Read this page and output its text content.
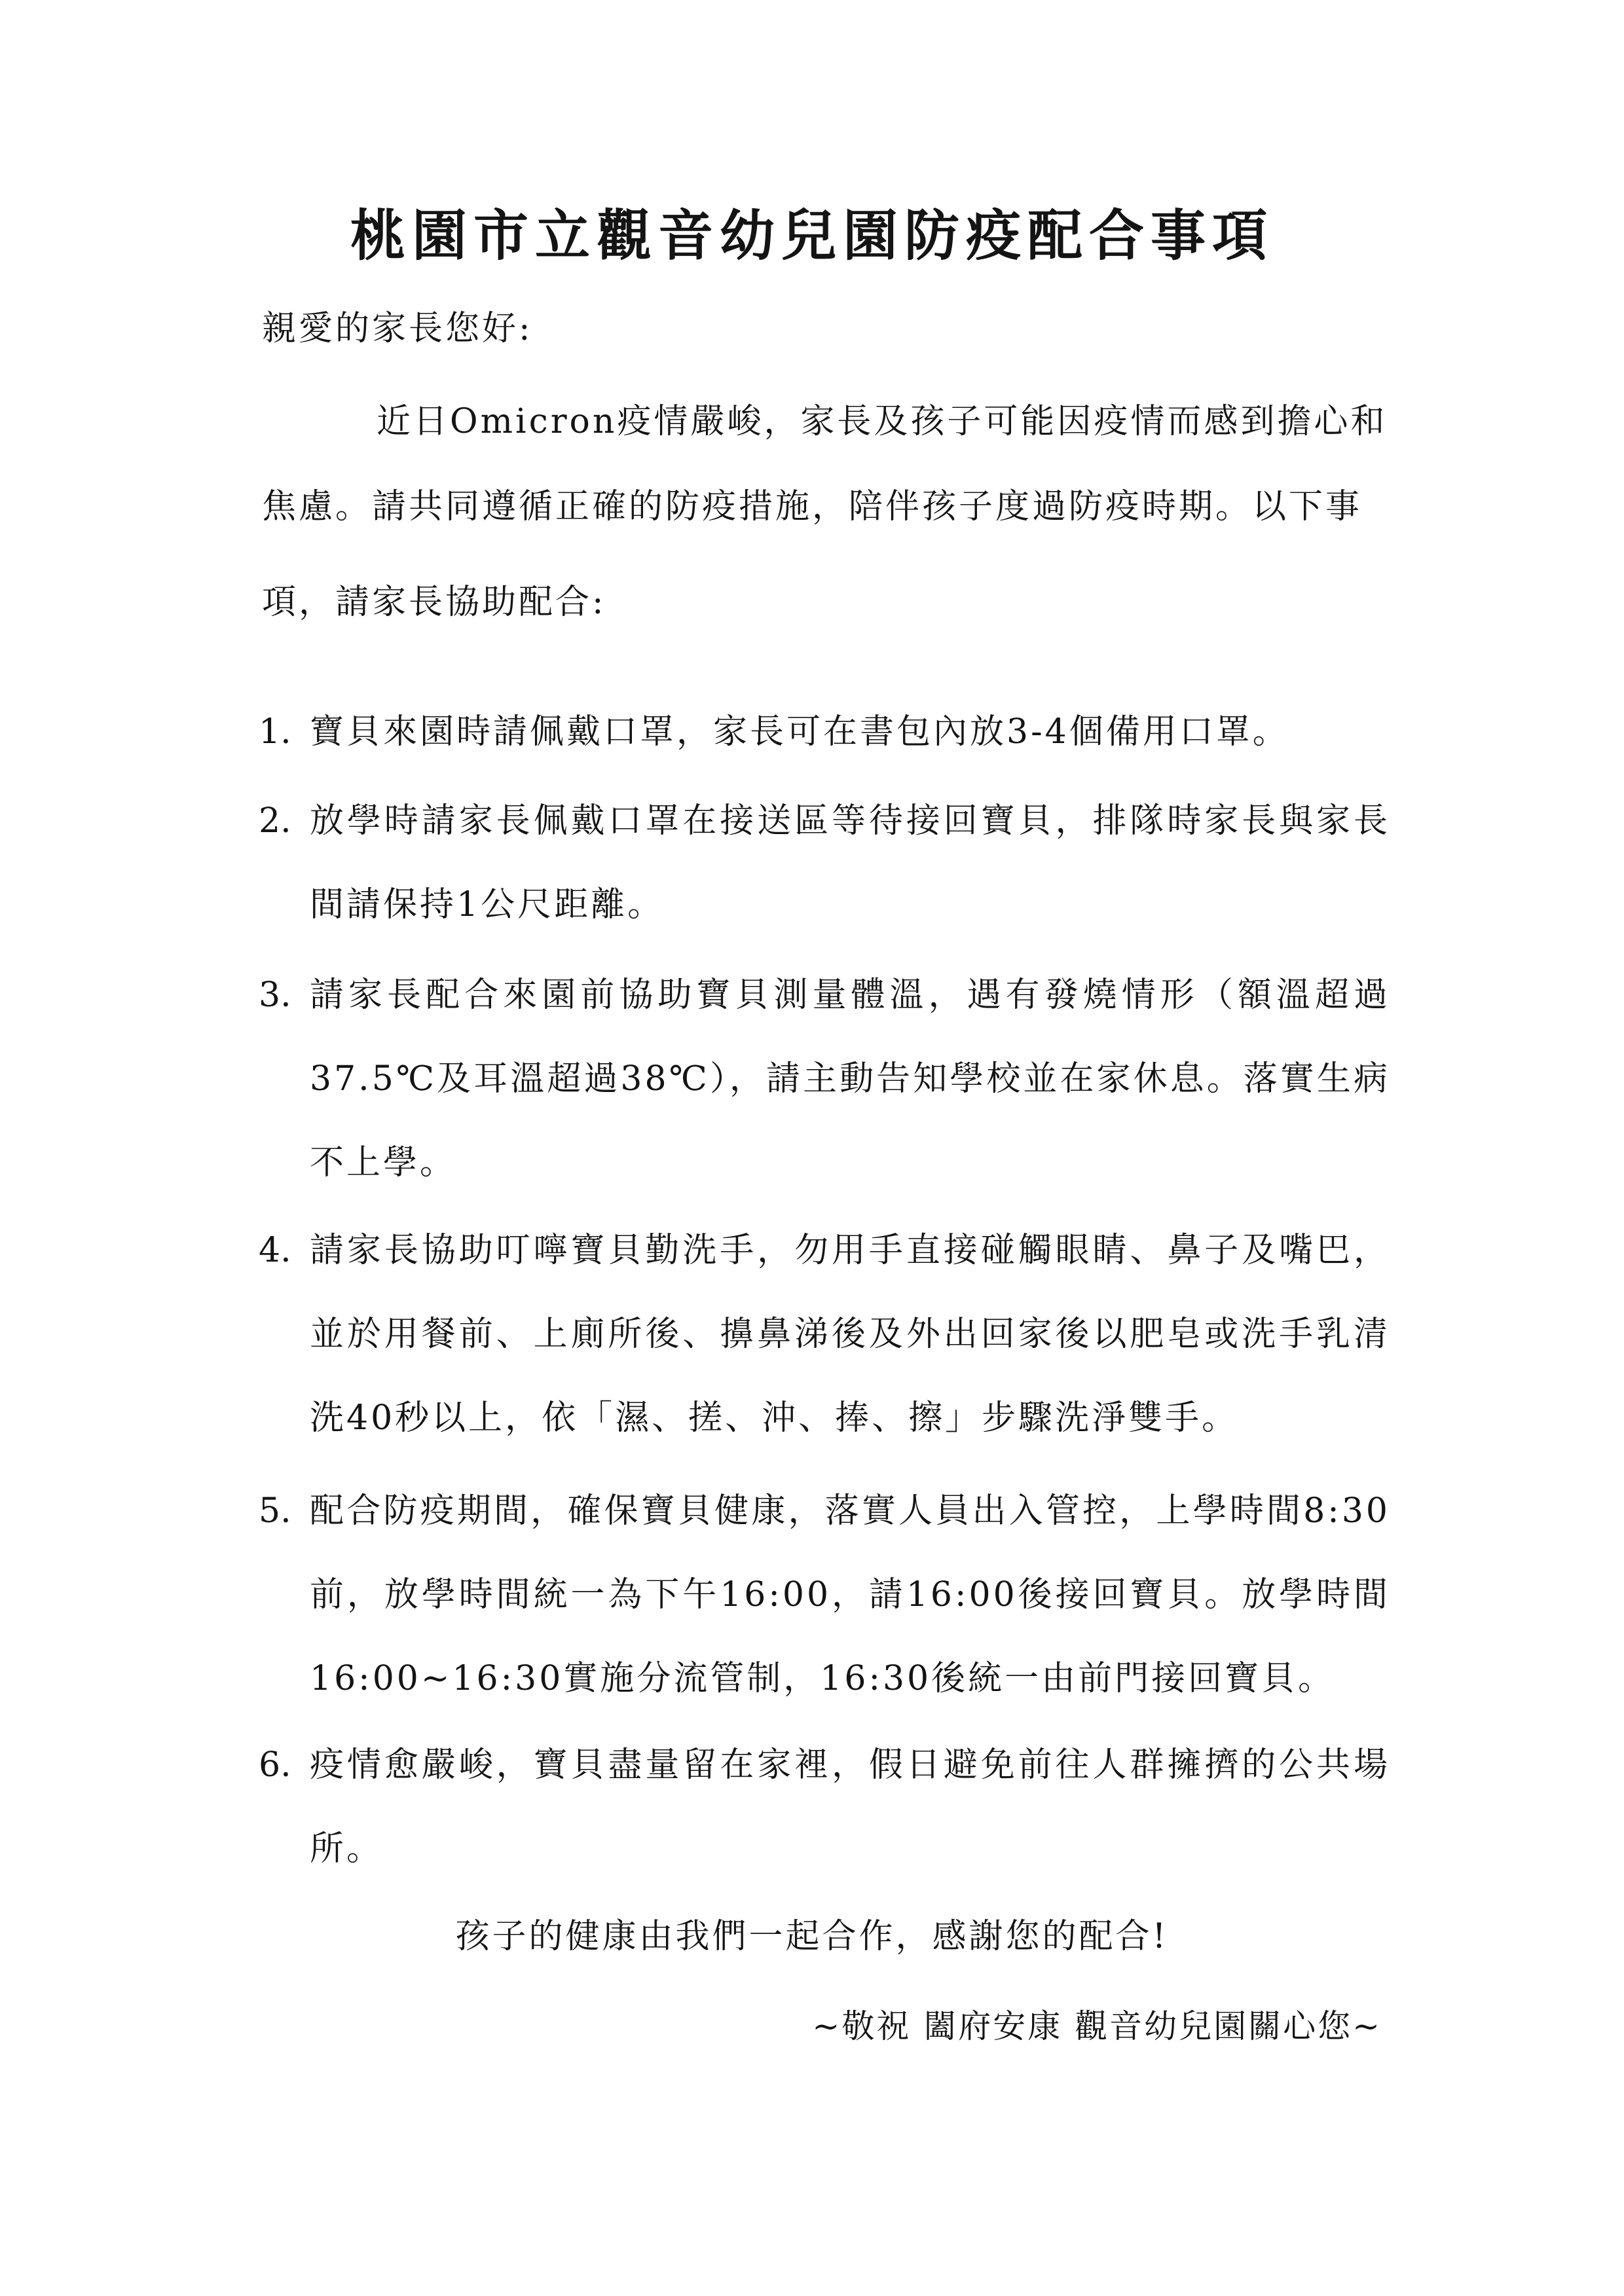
桃園市立觀音幼兒園防疫配合事項
親愛的家長您好:
近日Omicron疫情嚴峻，家長及孩子可能因疫情而感到擔心和
焦慮。請共同遵循正確的防疫措施，陪伴孩子度過防疫時期。以下事
項，請家長協助配合:
1. 寶貝來園時請佩戴口罩，家長可在書包內放3-4個備用口罩。
2. 放學時請家長佩戴口罩在接送區等待接回寶貝，排隊時家長與家長間請保持1公尺距離。
3. 請家長配合來園前協助寶貝測量體溫，遇有發燒情形（額溫超過37.5℃及耳溫超過38℃），請主動告知學校並在家休息。落實生病不上學。
4. 請家長協助叮嚀寶貝勤洗手，勿用手直接碰觸眼睛、鼻子及嘴巴，並於用餐前、上廁所後、擤鼻涕後及外出回家後以肥皂或洗手乳清洗40秒以上，依「濕、搓、沖、捧、擦」步驟洗淨雙手。
5. 配合防疫期間，確保寶貝健康，落實人員出入管控，上學時間8:30前，放學時間統一為下午16:00，請16:00後接回寶貝。放學時間16:00~16:30實施分流管制，16:30後統一由前門接回寶貝。
6. 疫情愈嚴峻，寶貝盡量留在家裡，假日避免前往人群擁擠的公共場所。
孩子的健康由我們一起合作，感謝您的配合!
~敬祝 闔府安康 觀音幼兒園關心您~
